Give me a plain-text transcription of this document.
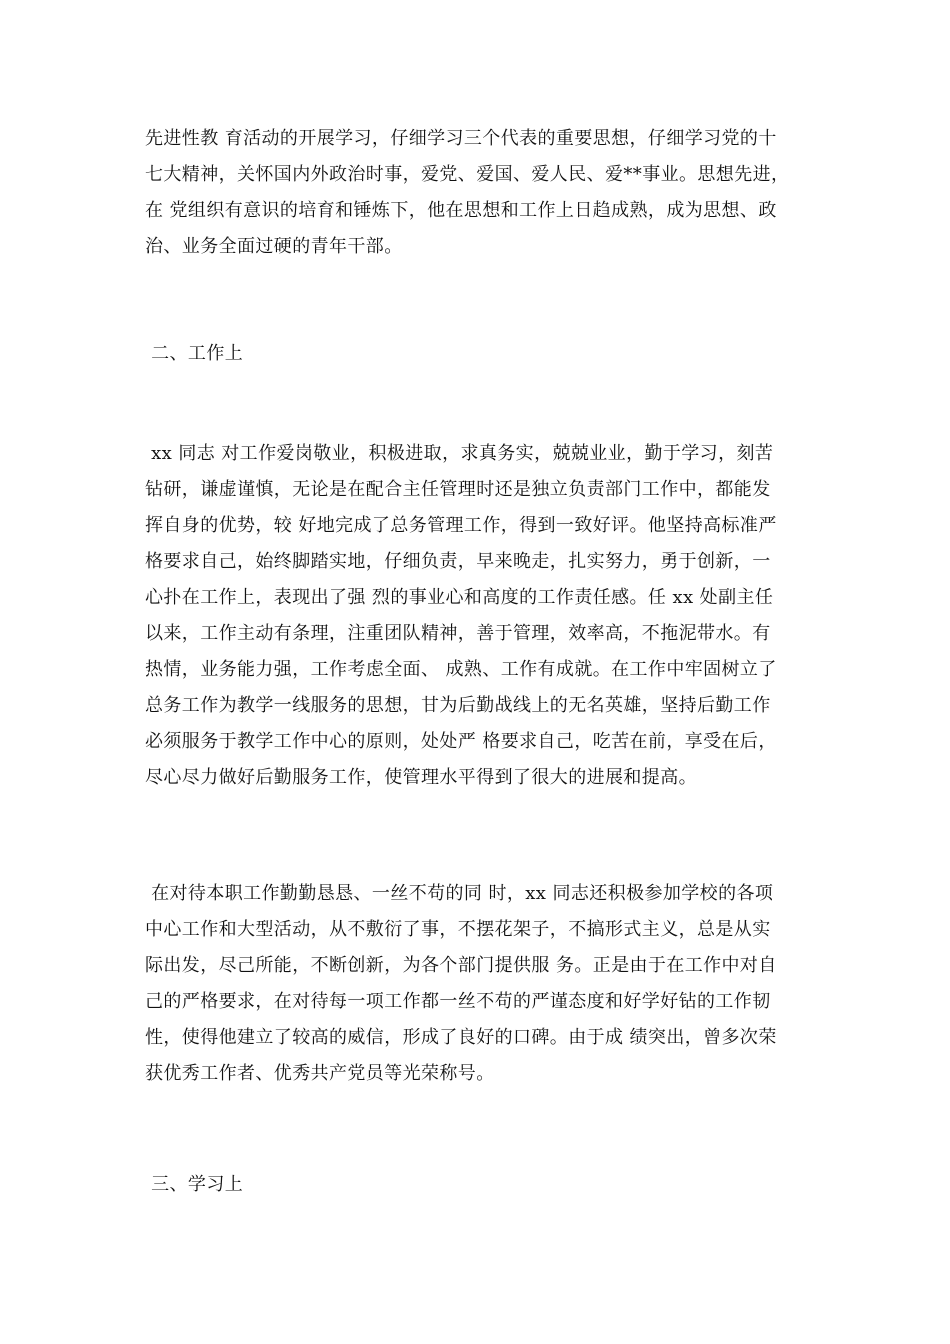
先进性教 育活动的开展学习，仔细学习三个代表的重要思想，仔细学习党的十
七大精神，关怀国内外政治时事，爱党、爱国、爱人民、爱**事业。思想先进，
在 党组织有意识的培育和锤炼下，他在思想和工作上日趋成熟，成为思想、政
治、业务全面过硬的青年干部。
二、工作上
xx 同志 对工作爱岗敬业，积极进取，求真务实，兢兢业业，勤于学习，刻苦
钻研，谦虚谨慎，无论是在配合主任管理时还是独立负责部门工作中，都能发
挥自身的优势，较 好地完成了总务管理工作，得到一致好评。他坚持高标准严
格要求自己，始终脚踏实地，仔细负责，早来晚走，扎实努力，勇于创新，一
心扑在工作上，表现出了强 烈的事业心和高度的工作责任感。任 xx 处副主任
以来，工作主动有条理，注重团队精神，善于管理，效率高，不拖泥带水。有
热情，业务能力强，工作考虑全面、 成熟、工作有成就。在工作中牢固树立了
总务工作为教学一线服务的思想，甘为后勤战线上的无名英雄，坚持后勤工作
必须服务于教学工作中心的原则，处处严 格要求自己，吃苦在前，享受在后，
尽心尽力做好后勤服务工作，使管理水平得到了很大的进展和提高。
在对待本职工作勤勤恳恳、一丝不苟的同 时，xx 同志还积极参加学校的各项
中心工作和大型活动，从不敷衍了事，不摆花架子，不搞形式主义，总是从实
际出发，尽己所能，不断创新，为各个部门提供服 务。正是由于在工作中对自
己的严格要求，在对待每一项工作都一丝不苟的严谨态度和好学好钻的工作韧
性，使得他建立了较高的威信，形成了良好的口碑。由于成 绩突出，曾多次荣
获优秀工作者、优秀共产党员等光荣称号。
三、学习上
